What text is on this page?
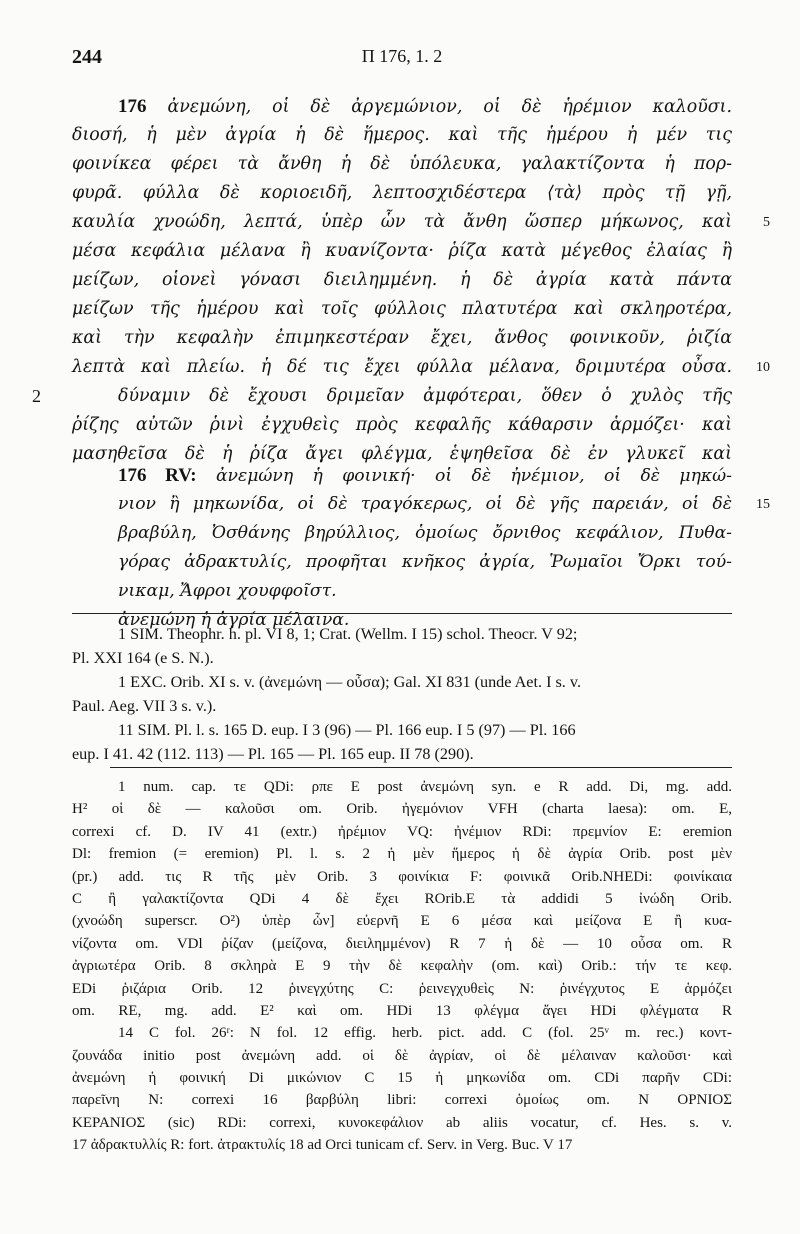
244	Π 176, 1. 2
176 ἀνεμώνη, οἱ δὲ ἀργεμώνιον, οἱ δὲ ἡρέμιον καλοῦσι.
διοσή, ἡ μὲν ἀγρία ἡ δὲ ἥμερος. καὶ τῆς ἡμέρου ἡ μέν τις
φοινίκεα φέρει τὰ ἄνθη ἡ δὲ ὑπόλευκα, γαλακτίζοντα ἡ πορ-
φυρᾶ. φύλλα δὲ κοριοειδῆ, λεπτοσχιδέστερα ⟨τὰ⟩ πρὸς τῇ γῇ,
καυλία χνοώδη, λεπτά, ὑπὲρ ὧν τὰ ἄνθη ὥσπερ μήκωνος, καὶ 5
μέσα κεφάλια μέλανα ἢ κυανίζοντα· ῥίζα κατὰ μέγεθος ἐλαίας ἢ
μείζων, οἱονεὶ γόνασι διειλημμένη. ἡ δὲ ἀγρία κατὰ πάντα
μείζων τῆς ἡμέρου καὶ τοῖς φύλλοις πλατυτέρα καὶ σκληροτέρα,
καὶ τὴν κεφαλὴν ἐπιμηκεστέραν ἔχει, ἄνθος φοινικοῦν, ῥιζία
λεπτὰ καὶ πλείω. ἡ δέ τις ἔχει φύλλα μέλανα, δριμυτέρα οὖσα. 10
2	δύναμιν δὲ ἔχουσι δριμεῖαν ἀμφότεραι, ὅθεν ὁ χυλὸς τῆς
ῥίζης αὐτῶν ῥινὶ ἐγχυθεὶς πρὸς κεφαλῆς κάθαρσιν ἁρμόζει· καὶ
μασηθεῖσα δὲ ἡ ῥίζα ἄγει φλέγμα, ἑψηθεῖσα δὲ ἐν γλυκεῖ καὶ
176 RV: ἀνεμώνη ἡ φοινική· οἱ δὲ ἠνέμιον, οἱ δὲ μηκώ-
νιον ἢ μηκωνίδα, οἱ δὲ τραγόκερως, οἱ δὲ γῆς παρειάν, οἱ δὲ 15
βραβύλη, Ὀσθάνης βηρύλλιος, ὁμοίως ὄρνιθος κεφάλιον, Πυθα-
γόρας ἀδρακτυλίς, προφῆται κνῆκος ἀγρία, Ῥωμαῖοι Ὄρκι τού-
νικαμ, Ἄφροι χουφφοῖστ.
ἀνεμώνη ἡ ἀγρία μέλαινα.
1 SIM. Theophr. h. pl. VI 8, 1; Crat. (Wellm. I 15) schol. Theocr. V 92;
Pl. XXI 164 (e S. N.).
1 EXC. Orib. XI s. v. (ἀνεμώνη — οὖσα); Gal. XI 831 (unde Aet. I s. v.
Paul. Aeg. VII 3 s. v.).
11 SIM. Pl. l. s. 165 D. eup. I 3 (96) — Pl. 166 eup. I 5 (97) — Pl. 166
eup. I 41. 42 (112. 113) — Pl. 165 — Pl. 165 eup. II 78 (290).
1 num. cap. τε QDi: ρπε E post ἀνεμώνη syn. e R add. Di, mg. add.
H² οἱ δὲ — καλοῦσι om. Orib. ἠγεμόνιον VFH (charta laesa): om. E,
correxi cf. D. IV 41 (extr.) ἠρέμιον VQ: ἠνέμιον RDi: πρεμνίον E: eremion
Dl: fremion (= eremion) Pl. l. s. 2 ἡ μὲν ἥμερος ἡ δὲ ἀγρία Orib. post μὲν
(pr.) add. τις R τῆς μὲν Orib. 3 φοινίκια F: φοινικᾶ Orib.NHEDi: φοινίκαια
C ἢ γαλακτίζοντα QDi 4 δὲ ἔχει ROrib.E τὰ addidi 5 ἰνώδη Orib.
(χνοώδη superscr. O²) ὑπὲρ ὧν] εὐερνῆ E 6 μέσα καὶ μείζονα E ἢ κυα-
νίζοντα om. VDl ῥίζαν (μείζονα, διειλημμένον) R 7 ἡ δὲ — 10 οὖσα om. R
ἀγριωτέρα Orib. 8 σκληρὰ E 9 τὴν δὲ κεφαλὴν (om. καὶ) Orib.: τήν τε κεφ.
EDi ῥιζάρια Orib. 12 ῥινεγχύτης C: ῥεινεγχυθεὶς N: ῥινέγχυτος E ἁρμόζει
om. RE, mg. add. E² καὶ om. HDi 13 φλέγμα ἄγει HDi φλέγματα R
14 C fol. 26ʳ: N fol. 12 effig. herb. pict. add. C (fol. 25ᵛ m. rec.) κοντ-
ζουνάδα initio post ἀνεμώνη add. οἱ δὲ ἀγρίαν, οἱ δὲ μέλαιναν καλοῦσι· καὶ
ἀνεμώνη ἡ φοινική Di μικώνιον C 15 ἡ μηκωνίδα om. CDi παρῆν CDi:
παρεῖνη N: correxi 16 βαρβύλη libri: correxi ὁμοίως om. N ΟΡΝΙΟΣ
ΚΕΡΑΝΙΟΣ (sic) RDi: correxi, κυνοκεφάλιον ab aliis vocatur, cf. Hes. s. v.
17 ἀδρακτυλλίς R: fort. ἀτρακτυλίς 18 ad Orci tunicam cf. Serv. in Verg. Buc. V 17
